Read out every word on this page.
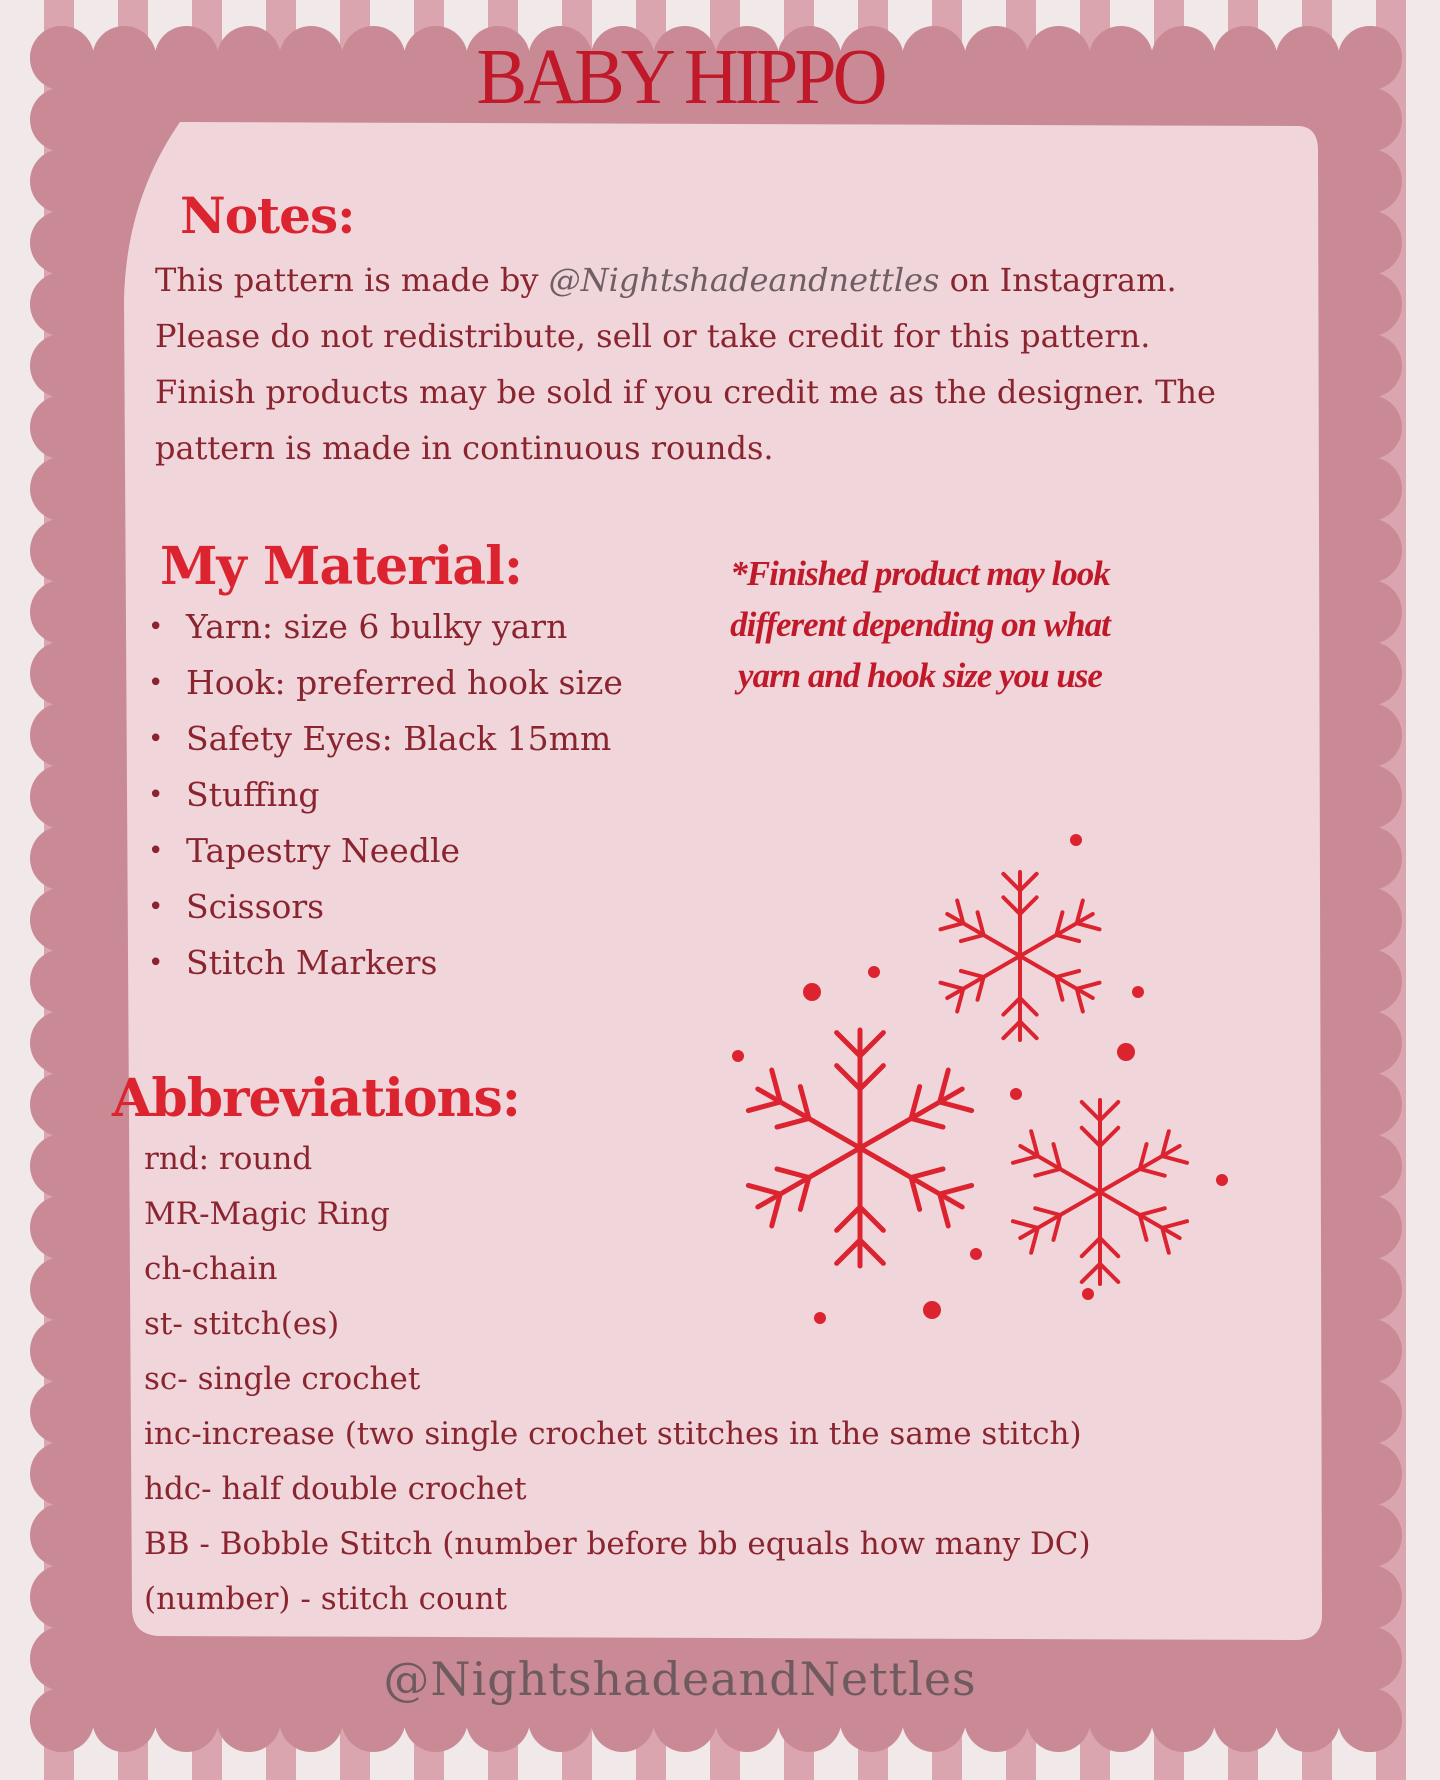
BABY HIPPO
Notes:

This pattern is made by @Nightshadeandnettles on Instagram. Please do not redistribute, sell or take credit for this pattern. Finish products may be sold if you credit me as the designer. The pattern is made in continuous rounds.

My Material:
• Yarn: size 6 bulky yarn
• Hook: preferred hook size
• Safety Eyes: Black 15mm
• Stuffing
• Tapestry Needle
• Scissors
• Stitch Markers

*Finished product may look different depending on what yarn and hook size you use

Abbreviations:
rnd: round
MR-Magic Ring
ch-chain
st- stitch(es)
sc- single crochet
inc-increase (two single crochet stitches in the same stitch)
hdc- half double crochet
BB - Bobble Stitch (number before bb equals how many DC)
(number) - stitch count

@NightshadeandNettles
